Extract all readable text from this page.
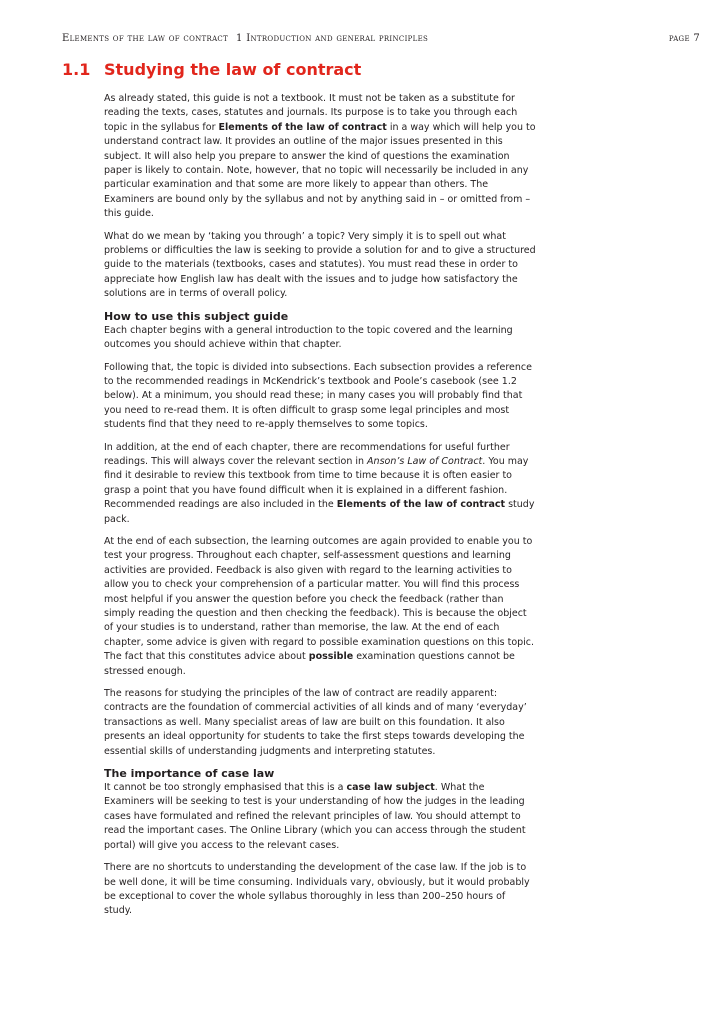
Elements of the law of contract 1 Introduction and general principles	page 7
1.1 Studying the law of contract

As already stated, this guide is not a textbook. It must not be taken as a substitute for reading the texts, cases, statutes and journals. Its purpose is to take you through each topic in the syllabus for Elements of the law of contract in a way which will help you to understand contract law. It provides an outline of the major issues presented in this subject. It will also help you prepare to answer the kind of questions the examination paper is likely to contain. Note, however, that no topic will necessarily be included in any particular examination and that some are more likely to appear than others. The Examiners are bound only by the syllabus and not by anything said in – or omitted from – this guide.

What do we mean by ‘taking you through’ a topic? Very simply it is to spell out what problems or difficulties the law is seeking to provide a solution for and to give a structured guide to the materials (textbooks, cases and statutes). You must read these in order to appreciate how English law has dealt with the issues and to judge how satisfactory the solutions are in terms of overall policy.

How to use this subject guide

Each chapter begins with a general introduction to the topic covered and the learning outcomes you should achieve within that chapter.

Following that, the topic is divided into subsections. Each subsection provides a reference to the recommended readings in McKendrick’s textbook and Poole’s casebook (see 1.2 below). At a minimum, you should read these; in many cases you will probably find that you need to re-read them. It is often difficult to grasp some legal principles and most students find that they need to re-apply themselves to some topics.

In addition, at the end of each chapter, there are recommendations for useful further readings. This will always cover the relevant section in Anson’s Law of Contract. You may find it desirable to review this textbook from time to time because it is often easier to grasp a point that you have found difficult when it is explained in a different fashion. Recommended readings are also included in the Elements of the law of contract study pack.

At the end of each subsection, the learning outcomes are again provided to enable you to test your progress. Throughout each chapter, self-assessment questions and learning activities are provided. Feedback is also given with regard to the learning activities to allow you to check your comprehension of a particular matter. You will find this process most helpful if you answer the question before you check the feedback (rather than simply reading the question and then checking the feedback). This is because the object of your studies is to understand, rather than memorise, the law. At the end of each chapter, some advice is given with regard to possible examination questions on this topic. The fact that this constitutes advice about possible examination questions cannot be stressed enough.

The reasons for studying the principles of the law of contract are readily apparent: contracts are the foundation of commercial activities of all kinds and of many ‘everyday’ transactions as well. Many specialist areas of law are built on this foundation. It also presents an ideal opportunity for students to take the first steps towards developing the essential skills of understanding judgments and interpreting statutes.

The importance of case law

It cannot be too strongly emphasised that this is a case law subject. What the Examiners will be seeking to test is your understanding of how the judges in the leading cases have formulated and refined the relevant principles of law. You should attempt to read the important cases. The Online Library (which you can access through the student portal) will give you access to the relevant cases.

There are no shortcuts to understanding the development of the case law. If the job is to be well done, it will be time consuming. Individuals vary, obviously, but it would probably be exceptional to cover the whole syllabus thoroughly in less than 200–250 hours of study.
